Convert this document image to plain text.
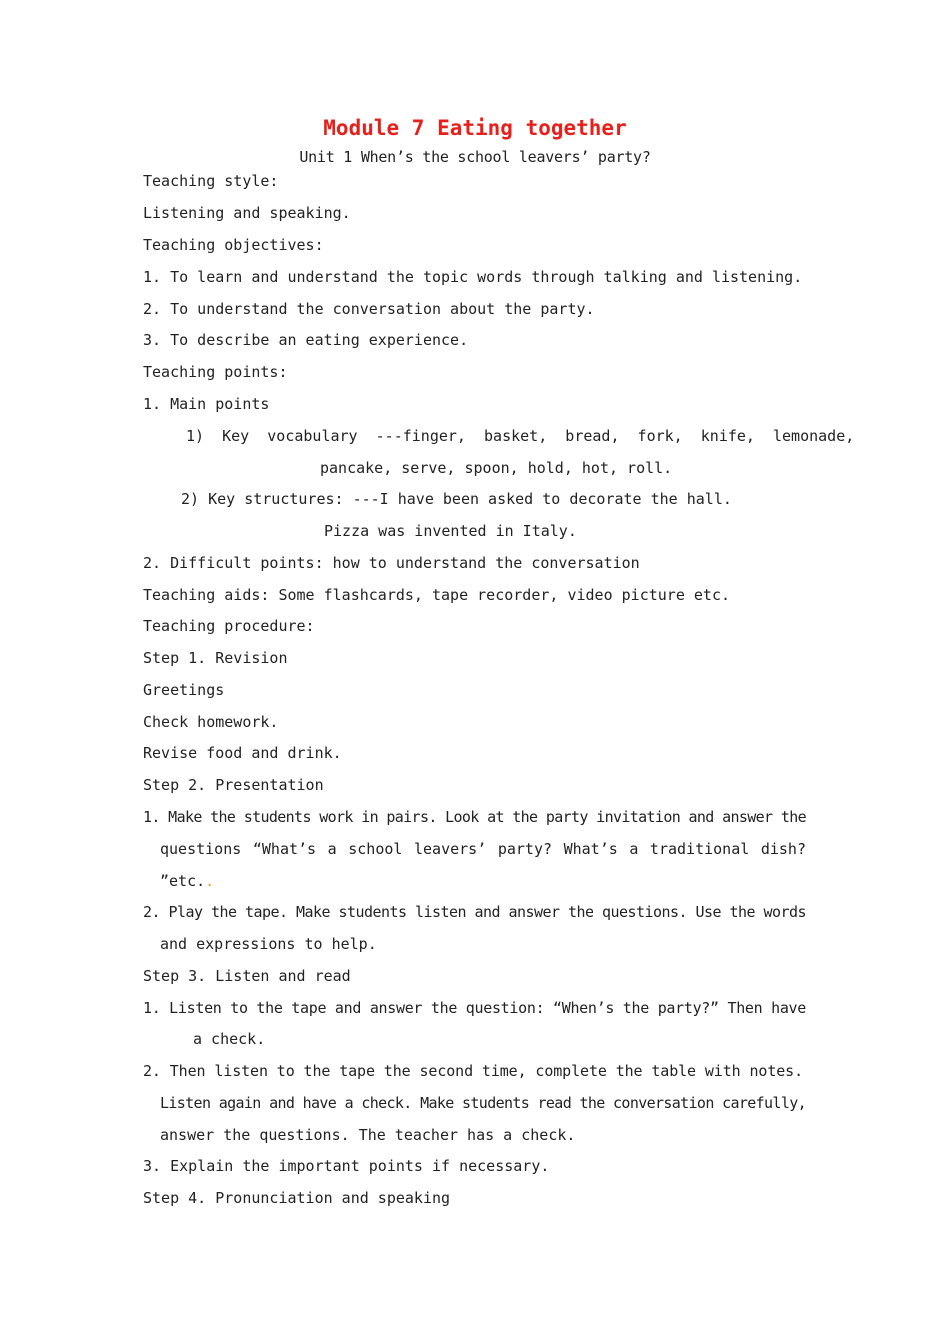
Module 7 Eating together
Unit 1 When’s the school leavers’ party?
Teaching style:
Listening and speaking.
Teaching objectives:
1. To learn and understand the topic words through talking and listening.
2. To understand the conversation about the party.
3. To describe an eating experience.
Teaching points:
1. Main points
1)  Key  vocabulary  ---finger,  basket,  bread,  fork,  knife,  lemonade,
pancake, serve, spoon, hold, hot, roll.
2) Key structures: ---I have been asked to decorate the hall.
Pizza was invented in Italy.
2. Difficult points: how to understand the conversation
Teaching aids: Some flashcards, tape recorder, video picture etc.
Teaching procedure:
Step 1. Revision
Greetings
Check homework.
Revise food and drink.
Step 2. Presentation
1. Make the students work in pairs. Look at the party invitation and answer the
questions “What’s a school leavers’ party? What’s a traditional dish?
”etc..
2. Play the tape. Make students listen and answer the questions. Use the words
and expressions to help.
Step 3. Listen and read
1. Listen to the tape and answer the question: “When’s the party?” Then have
a check.
2. Then listen to the tape the second time, complete the table with notes.
Listen again and have a check. Make students read the conversation carefully,
answer the questions. The teacher has a check.
3. Explain the important points if necessary.
Step 4. Pronunciation and speaking
